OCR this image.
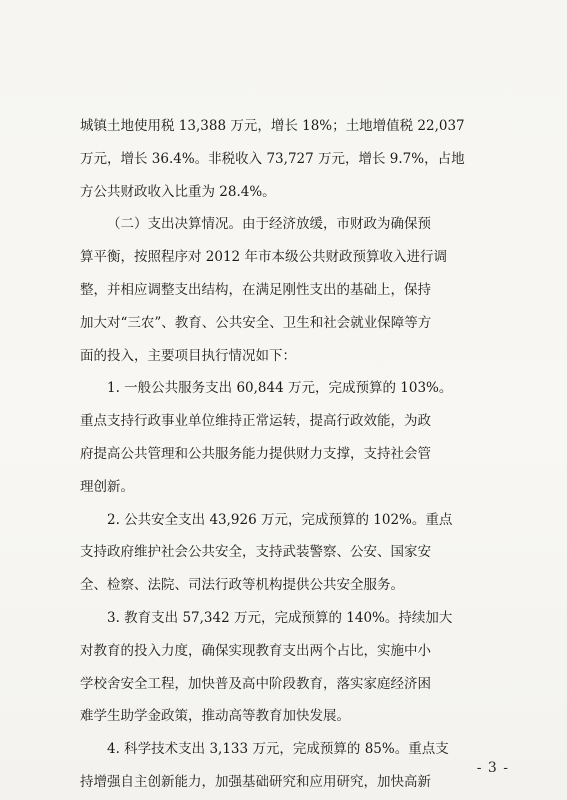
城镇土地使用税 13,388 万元，增长 18%；土地增值税 22,037
万元，增长 36.4%。非税收入 73,727 万元，增长 9.7%，占地
方公共财政收入比重为 28.4%。

（二）支出决算情况。由于经济放缓，市财政为确保预
算平衡，按照程序对 2012 年市本级公共财政预算收入进行调
整，并相应调整支出结构，在满足刚性支出的基础上，保持
加大对“三农”、教育、公共安全、卫生和社会就业保障等方
面的投入，主要项目执行情况如下：

1. 一般公共服务支出 60,844 万元，完成预算的 103%。
重点支持行政事业单位维持正常运转，提高行政效能，为政
府提高公共管理和公共服务能力提供财力支撑，支持社会管
理创新。

2. 公共安全支出 43,926 万元，完成预算的 102%。重点
支持政府维护社会公共安全，支持武装警察、公安、国家安
全、检察、法院、司法行政等机构提供公共安全服务。

3. 教育支出 57,342 万元，完成预算的 140%。持续加大
对教育的投入力度，确保实现教育支出两个占比，实施中小
学校舍安全工程，加快普及高中阶段教育，落实家庭经济困
难学生助学金政策，推动高等教育加快发展。

4. 科学技术支出 3,133 万元，完成预算的 85%。重点支
持增强自主创新能力，加强基础研究和应用研究，加快高新

- 3 -
